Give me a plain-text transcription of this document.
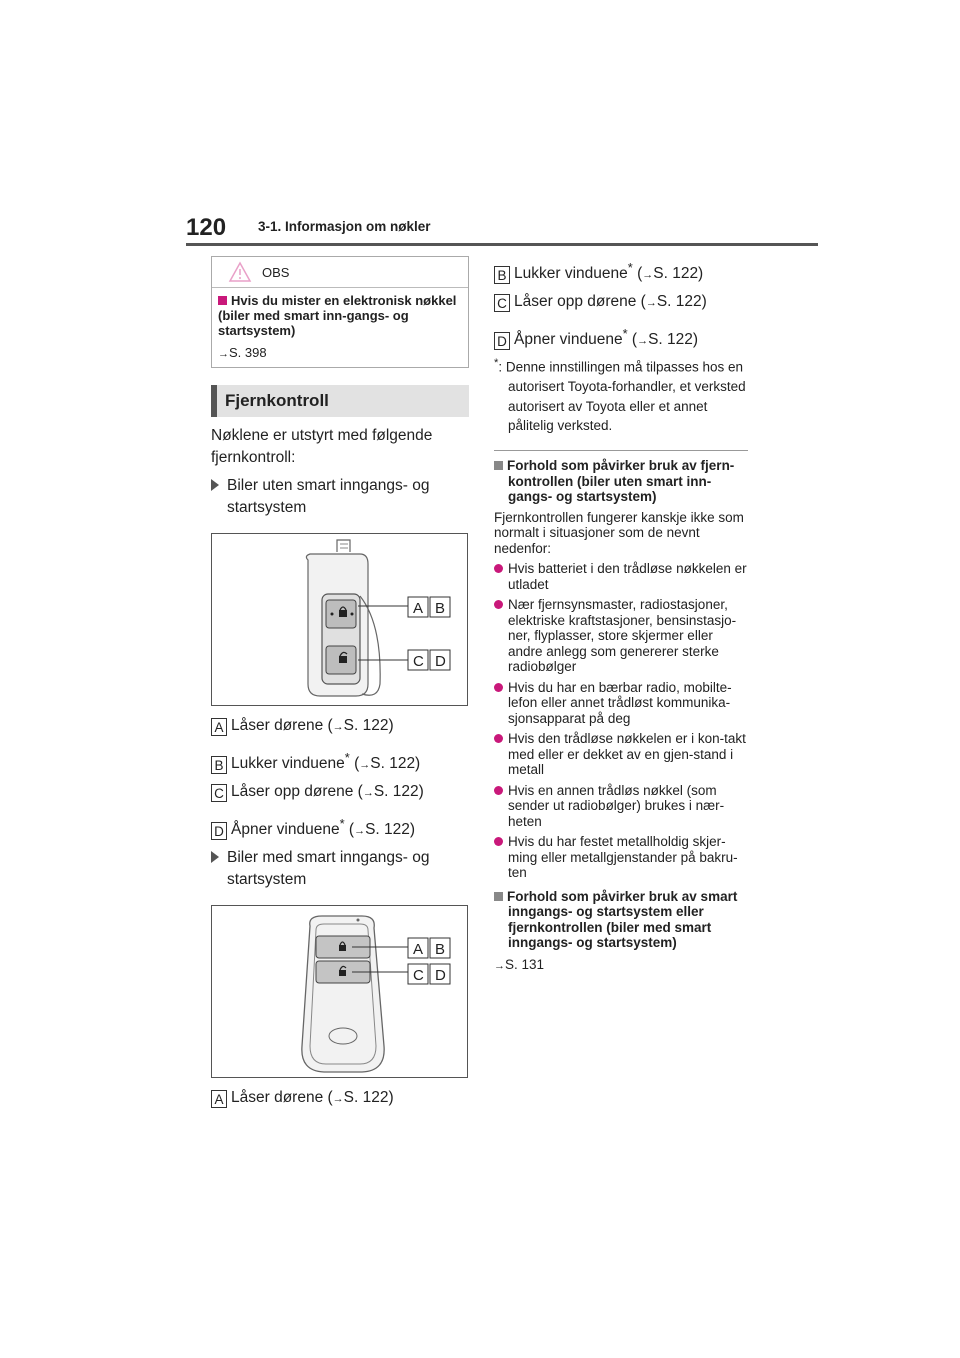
120 3-1. Informasjon om nøkler
OBS
Hvis du mister en elektronisk nøkkel (biler med smart inn-gangs- og startsystem)
→S. 398
Fjernkontroll
Nøklene er utstyrt med følgende fjernkontroll:
Biler uten smart inngangs- og startsystem
A B
C D
A Låser dørene (→S. 122)
B Lukker vinduene* (→S. 122)
C Låser opp dørene (→S. 122)
D Åpner vinduene* (→S. 122)
Biler med smart inngangs- og startsystem
A B
C D
A Låser dørene (→S. 122)
B Lukker vinduene* (→S. 122)
C Låser opp dørene (→S. 122)
D Åpner vinduene* (→S. 122)
*: Denne innstillingen må tilpasses hos en autorisert Toyota-forhandler, et verksted autorisert av Toyota eller et annet pålitelig verksted.
Forhold som påvirker bruk av fjern-kontrollen (biler uten smart inn-gangs- og startsystem)
Fjernkontrollen fungerer kanskje ikke som normalt i situasjoner som de nevnt nedenfor:
Hvis batteriet i den trådløse nøkkelen er utladet
Nær fjernsynsmaster, radiostasjoner, elektriske kraftstasjoner, bensinstasjo-ner, flyplasser, store skjermer eller andre anlegg som genererer sterke radiobølger
Hvis du har en bærbar radio, mobilte-lefon eller annet trådløst kommunika-sjonsapparat på deg
Hvis den trådløse nøkkelen er i kon-takt med eller er dekket av en gjen-stand i metall
Hvis en annen trådløs nøkkel (som sender ut radiobølger) brukes i nær-heten
Hvis du har festet metallholdig skjer-ming eller metallgjenstander på bakru-ten
Forhold som påvirker bruk av smart inngangs- og startsystem eller fjernkontrollen (biler med smart inngangs- og startsystem)
→S. 131
